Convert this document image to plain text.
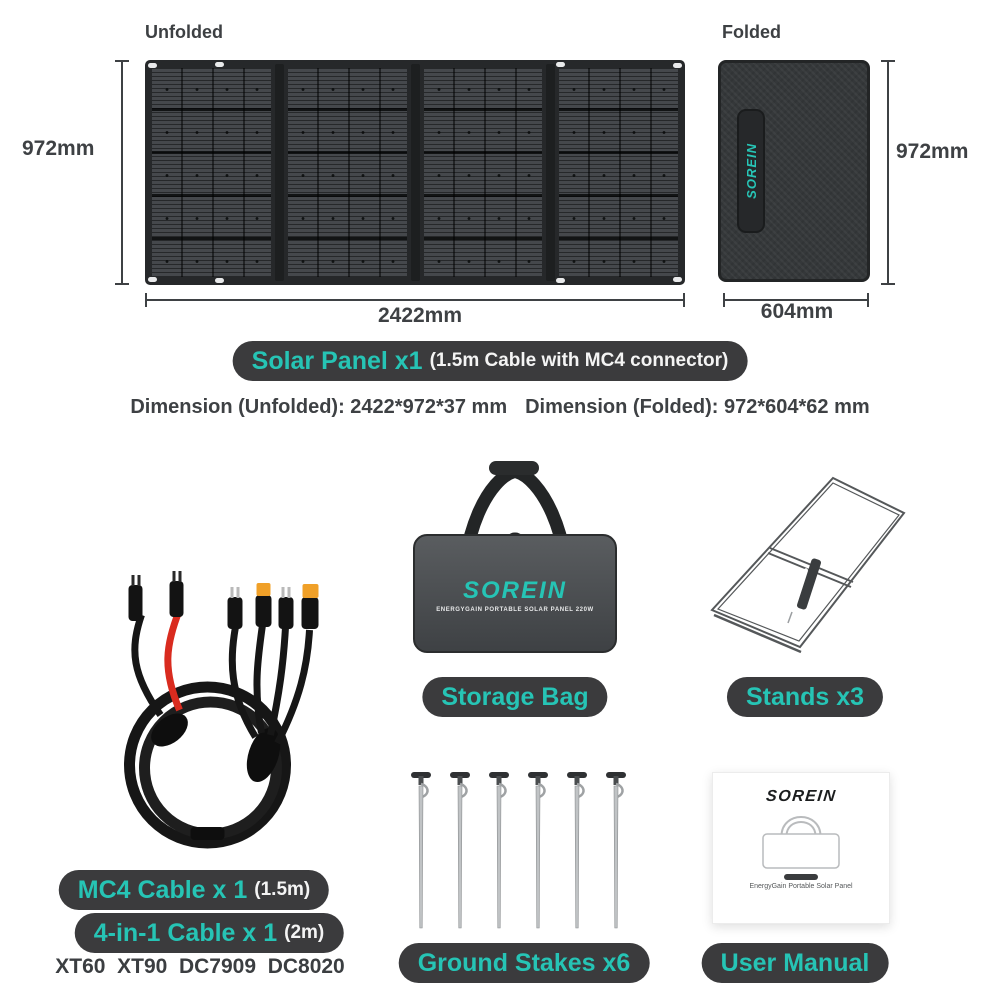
Unfolded
972mm
2422mm
Folded
SOREIN	972mm
604mm
Solar Panel x1 (1.5m Cable with MC4 connector)
Dimension (Unfolded): 2422*972*37 mm Dimension (Folded): 972*604*62 mm
SOREIN
ENERGYGAIN PORTABLE SOLAR PANEL 220W
Storage Bag	Stands x3
MC4 Cable x 1 (1.5m)
4-in-1 Cable x 1 (2m)
XT60  XT90  DC7909  DC8020	Ground Stakes x6
SOREIN
EnergyGain Portable Solar Panel
User Manual
